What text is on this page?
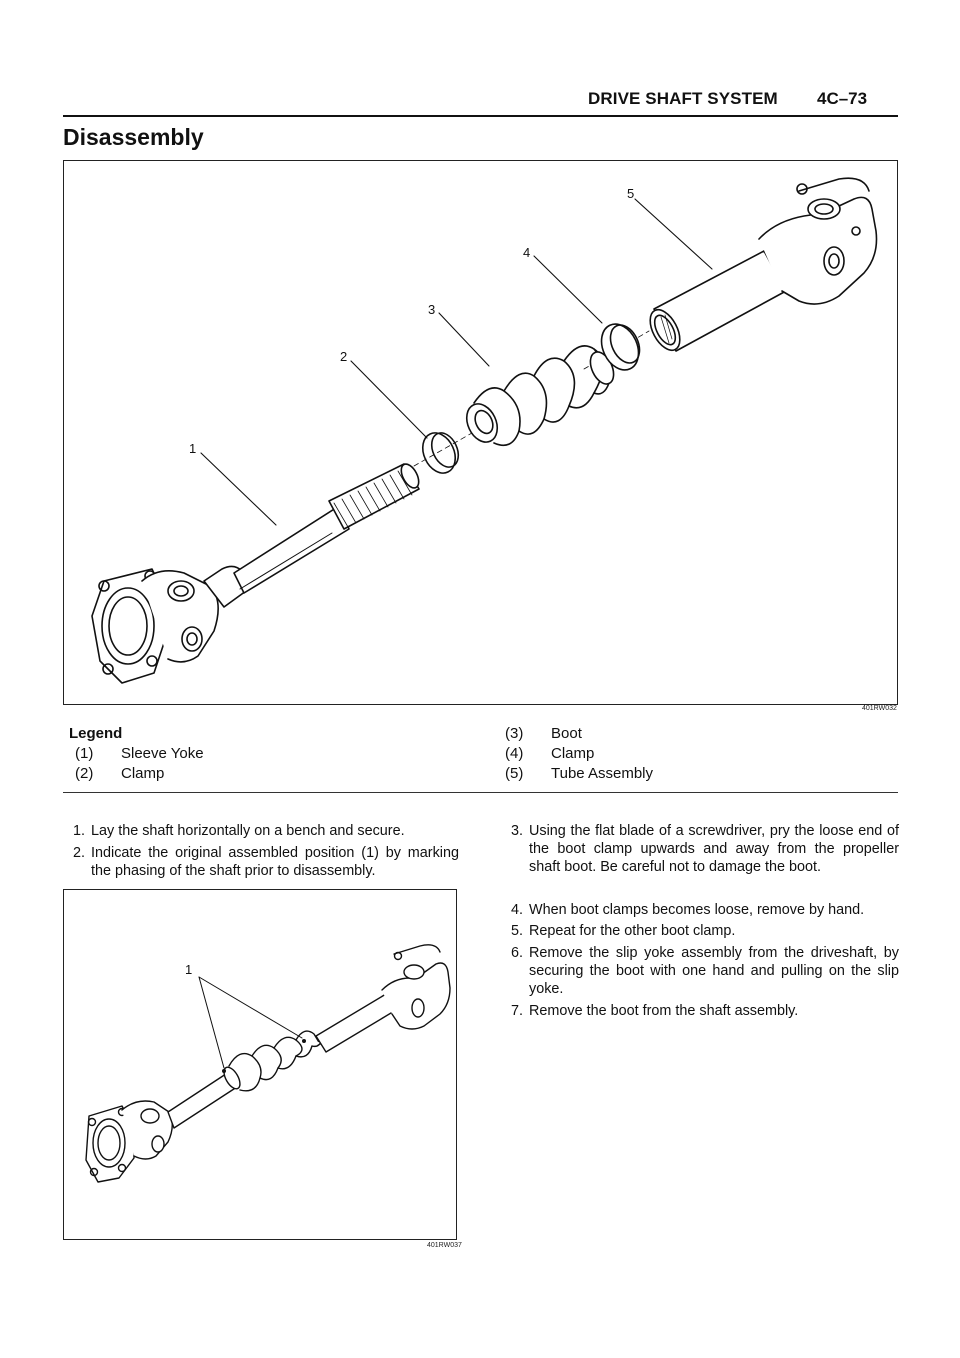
DRIVE SHAFT SYSTEM 4C–73
Disassembly
1
2
3
4
5
401RW032
Legend
(1) Sleeve Yoke
(2) Clamp
(3) Boot
(4) Clamp
(5) Tube Assembly
1. Lay the shaft horizontally on a bench and secure.
2. Indicate the original assembled position (1) by marking the phasing of the shaft prior to disassembly.
3. Using the flat blade of a screwdriver, pry the loose end of the boot clamp upwards and away from the propeller shaft boot. Be careful not to damage the boot.
4. When boot clamps becomes loose, remove by hand.
5. Repeat for the other boot clamp.
6. Remove the slip yoke assembly from the driveshaft, by securing the boot with one hand and pulling on the slip yoke.
7. Remove the boot from the shaft assembly.
1
401RW037
